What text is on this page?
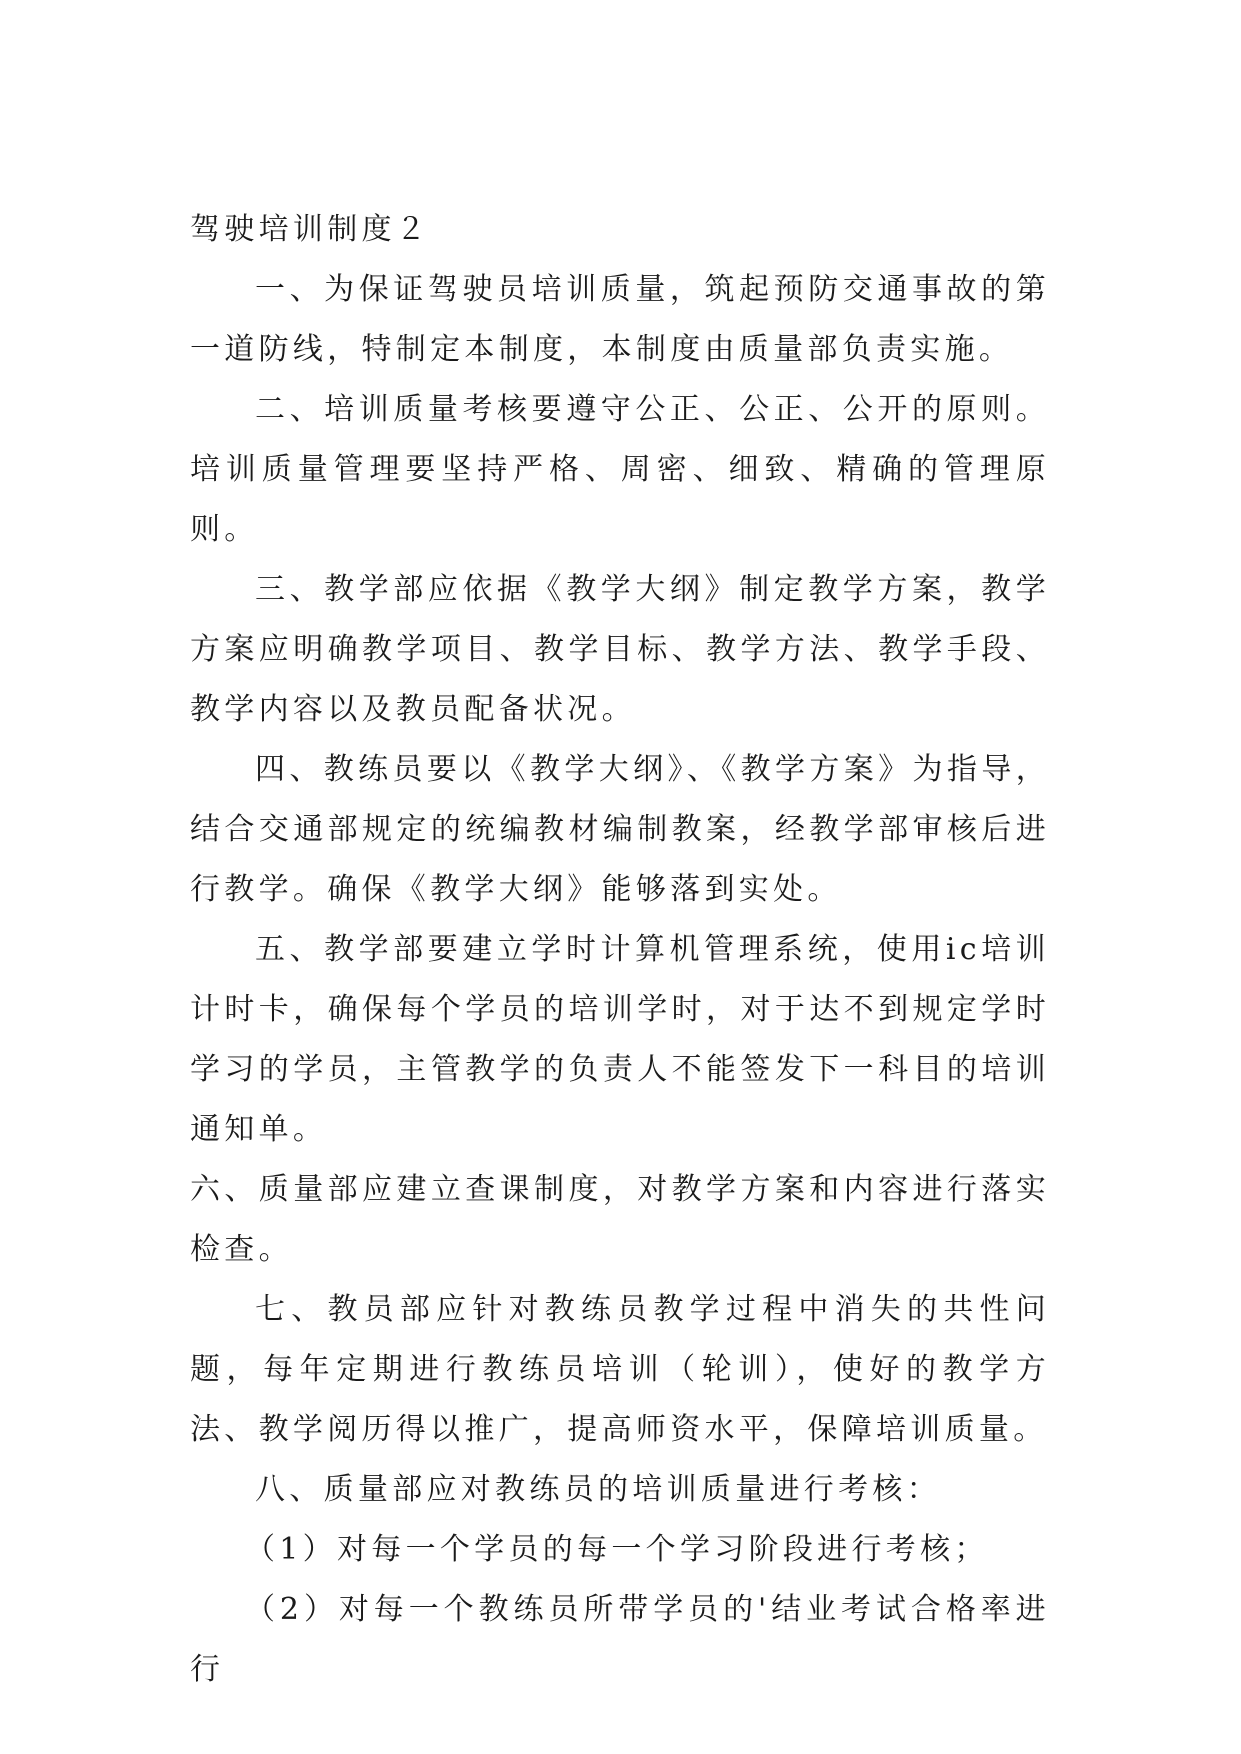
驾驶培训制度２

一、为保证驾驶员培训质量，筑起预防交通事故的第一道防线，特制定本制度，本制度由质量部负责实施。

二、培训质量考核要遵守公正、公正、公开的原则。培训质量管理要坚持严格、周密、细致、精确的管理原则。

三、教学部应依据《教学大纲》制定教学方案，教学方案应明确教学项目、教学目标、教学方法、教学手段、教学内容以及教员配备状况。

四、教练员要以《教学大纲》、《教学方案》为指导，结合交通部规定的统编教材编制教案，经教学部审核后进行教学。确保《教学大纲》能够落到实处。

五、教学部要建立学时计算机管理系统，使用ic培训计时卡，确保每个学员的培训学时，对于达不到规定学时学习的学员，主管教学的负责人不能签发下一科目的培训通知单。

六、质量部应建立查课制度，对教学方案和内容进行落实检查。

七、教员部应针对教练员教学过程中消失的共性问题，每年定期进行教练员培训（轮训），使好的教学方法、教学阅历得以推广，提高师资水平，保障培训质量。

八、质量部应对教练员的培训质量进行考核：

（1）对每一个学员的每一个学习阶段进行考核；

（2）对每一个教练员所带学员的'结业考试合格率进行
